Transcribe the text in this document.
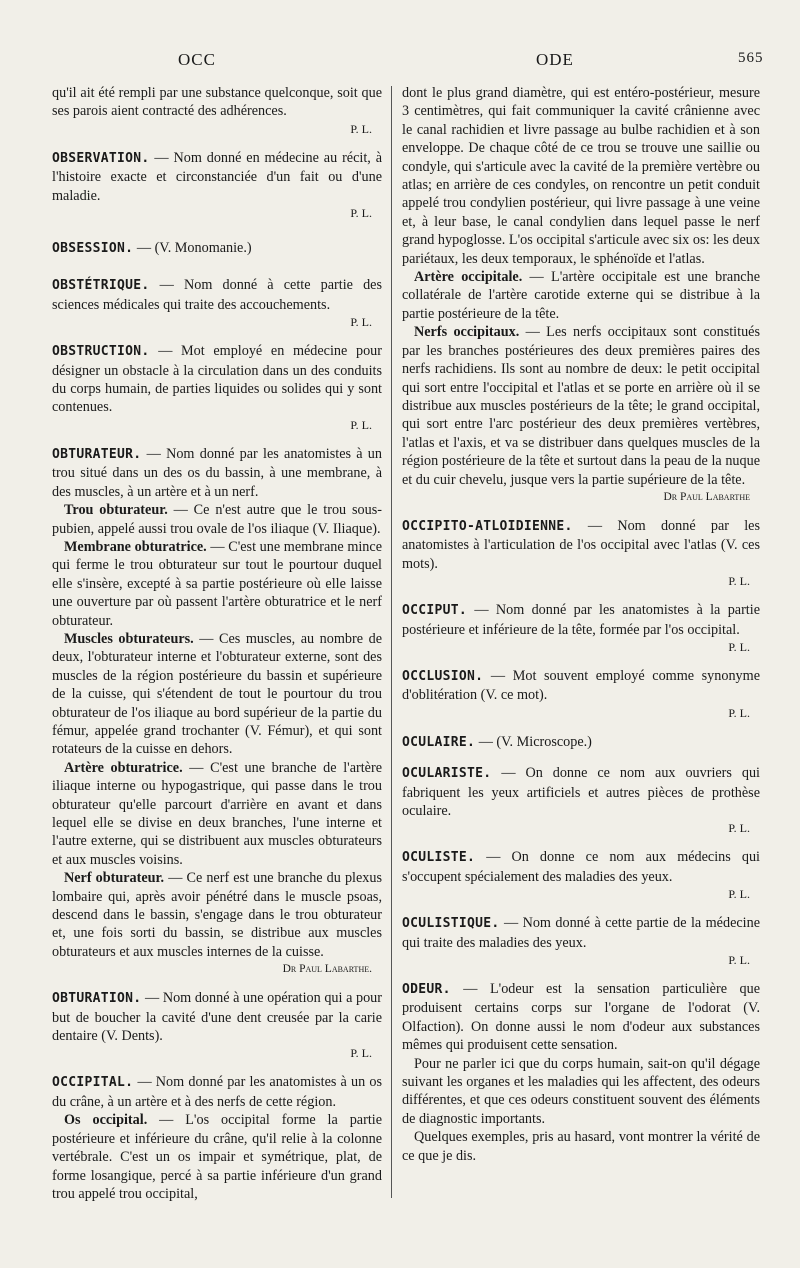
OCC	ODE	565

qu'il ait été rempli par une substance quelconque, soit que ses parois aient contracté des adhérences.

P. L.

OBSERVATION. — Nom donné en médecine au récit, à l'histoire exacte et circonstanciée d'un fait ou d'une maladie.

P. L.

OBSESSION. — (V. Monomanie.)

OBSTÉTRIQUE. — Nom donné à cette partie des sciences médicales qui traite des accouchements.

P. L.

OBSTRUCTION. — Mot employé en médecine pour désigner un obstacle à la circulation dans un des conduits du corps humain, de parties liquides ou solides qui y sont contenues.

P. L.

OBTURATEUR. — Nom donné par les anatomistes à un trou situé dans un des os du bassin, à une membrane, à des muscles, à un artère et à un nerf.

Trou obturateur. — Ce n'est autre que le trou sous-pubien, appelé aussi trou ovale de l'os iliaque (V. Iliaque).

Membrane obturatrice. — C'est une membrane mince qui ferme le trou obturateur sur tout le pourtour duquel elle s'insère, excepté à sa partie postérieure où elle laisse une ouverture par où passent l'artère obturatrice et le nerf obturateur.

Muscles obturateurs. — Ces muscles, au nombre de deux, l'obturateur interne et l'obturateur externe, sont des muscles de la région postérieure du bassin et supérieure de la cuisse, qui s'étendent de tout le pourtour du trou obturateur de l'os iliaque au bord supérieur de la partie du fémur, appelée grand trochanter (V. Fémur), et qui sont rotateurs de la cuisse en dehors.

Artère obturatrice. — C'est une branche de l'artère iliaque interne ou hypogastrique, qui passe dans le trou obturateur qu'elle parcourt d'arrière en avant et dans lequel elle se divise en deux branches, l'une interne et l'autre externe, qui se distribuent aux muscles obturateurs et aux muscles voisins.

Nerf obturateur. — Ce nerf est une branche du plexus lombaire qui, après avoir pénétré dans le muscle psoas, descend dans le bassin, s'engage dans le trou obturateur et, une fois sorti du bassin, se distribue aux muscles obturateurs et aux muscles internes de la cuisse.

Dr Paul Labarthe.

OBTURATION. — Nom donné à une opération qui a pour but de boucher la cavité d'une dent creusée par la carie dentaire (V. Dents).

P. L.

OCCIPITAL. — Nom donné par les anatomistes à un os du crâne, à un artère et à des nerfs de cette région.

Os occipital. — L'os occipital forme la partie postérieure et inférieure du crâne, qu'il relie à la colonne vertébrale. C'est un os impair et symétrique, plat, de forme losangique, percé à sa partie inférieure d'un grand trou appelé trou occipital,

dont le plus grand diamètre, qui est entéro-postérieur, mesure 3 centimètres, qui fait communiquer la cavité crânienne avec le canal rachidien et livre passage au bulbe rachidien et à son enveloppe. De chaque côté de ce trou se trouve une saillie ou condyle, qui s'articule avec la cavité de la première vertèbre ou atlas; en arrière de ces condyles, on rencontre un petit conduit appelé trou condylien postérieur, qui livre passage à une veine et, à leur base, le canal condylien dans lequel passe le nerf grand hypoglosse. L'os occipital s'articule avec six os: les deux pariétaux, les deux temporaux, le sphénoïde et l'atlas.

Artère occipitale. — L'artère occipitale est une branche collatérale de l'artère carotide externe qui se distribue à la partie postérieure de la tête.

Nerfs occipitaux. — Les nerfs occipitaux sont constitués par les branches postérieures des deux premières paires des nerfs rachidiens. Ils sont au nombre de deux: le petit occipital qui sort entre l'occipital et l'atlas et se porte en arrière où il se distribue aux muscles postérieurs de la tête; le grand occipital, qui sort entre l'arc postérieur des deux premières vertèbres, l'atlas et l'axis, et va se distribuer dans quelques muscles de la région postérieure de la tête et surtout dans la peau de la nuque et du cuir chevelu, jusque vers la partie supérieure de la tête.

Dr Paul Labarthe

OCCIPITO-ATLOIDIENNE. — Nom donné par les anatomistes à l'articulation de l'os occipital avec l'atlas (V. ces mots).

P. L.

OCCIPUT. — Nom donné par les anatomistes à la partie postérieure et inférieure de la tête, formée par l'os occipital.

P. L.

OCCLUSION. — Mot souvent employé comme synonyme d'oblitération (V. ce mot).

P. L.

OCULAIRE. — (V. Microscope.)

OCULARISTE. — On donne ce nom aux ouvriers qui fabriquent les yeux artificiels et autres pièces de prothèse oculaire.

P. L.

OCULISTE. — On donne ce nom aux médecins qui s'occupent spécialement des maladies des yeux.

P. L.

OCULISTIQUE. — Nom donné à cette partie de la médecine qui traite des maladies des yeux.

P. L.

ODEUR. — L'odeur est la sensation particulière que produisent certains corps sur l'organe de l'odorat (V. Olfaction). On donne aussi le nom d'odeur aux substances mêmes qui produisent cette sensation.

Pour ne parler ici que du corps humain, sait-on qu'il dégage suivant les organes et les maladies qui les affectent, des odeurs différentes, et que ces odeurs constituent souvent des éléments de diagnostic importants.

Quelques exemples, pris au hasard, vont montrer la vérité de ce que je dis.
